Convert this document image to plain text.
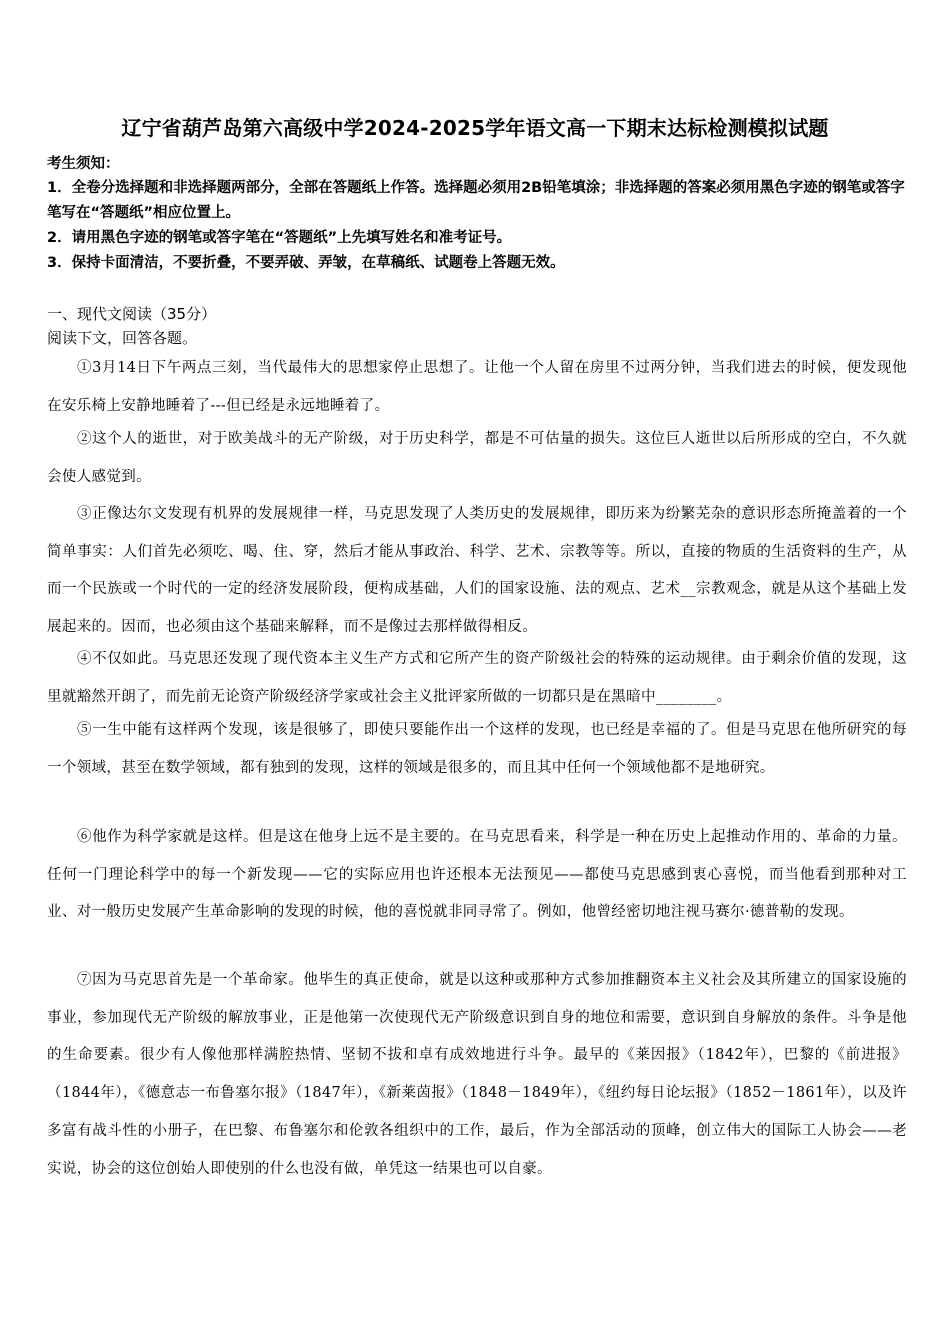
辽宁省葫芦岛第六高级中学2024-2025学年语文高一下期末达标检测模拟试题
考生须知：
1．全卷分选择题和非选择题两部分，全部在答题纸上作答。选择题必须用2B铅笔填涂；非选择题的答案必须用黑色字迹的钢笔或答字笔写在“答题纸”相应位置上。
2．请用黑色字迹的钢笔或答字笔在“答题纸”上先填写姓名和准考证号。
3．保持卡面清洁，不要折叠，不要弄破、弄皱，在草稿纸、试题卷上答题无效。
一、现代文阅读（35分）
阅读下文，回答各题。
①3月14日下午两点三刻，当代最伟大的思想家停止思想了。让他一个人留在房里不过两分钟，当我们进去的时候，便发现他在安乐椅上安静地睡着了---但已经是永远地睡着了。
②这个人的逝世，对于欧美战斗的无产阶级，对于历史科学，都是不可估量的损失。这位巨人逝世以后所形成的空白，不久就会使人感觉到。
③正像达尔文发现有机界的发展规律一样，马克思发现了人类历史的发展规律，即历来为纷繁芜杂的意识形态所掩盖着的一个简单事实：人们首先必须吃、喝、住、穿，然后才能从事政治、科学、艺术、宗教等等。所以，直接的物质的生活资料的生产，从而一个民族或一个时代的一定的经济发展阶段，便构成基础，人们的国家设施、法的观点、艺术__宗教观念，就是从这个基础上发展起来的。因而，也必须由这个基础来解释，而不是像过去那样做得相反。
④不仅如此。马克思还发现了现代资本主义生产方式和它所产生的资产阶级社会的特殊的运动规律。由于剩余价值的发现，这里就豁然开朗了，而先前无论资产阶级经济学家或社会主义批评家所做的一切都只是在黑暗中________。
⑤一生中能有这样两个发现，该是很够了，即使只要能作出一个这样的发现，也已经是幸福的了。但是马克思在他所研究的每一个领域，甚至在数学领域，都有独到的发现，这样的领域是很多的，而且其中任何一个领域他都不是地研究。
⑥他作为科学家就是这样。但是这在他身上远不是主要的。在马克思看来，科学是一种在历史上起推动作用的、革命的力量。任何一门理论科学中的每一个新发现——它的实际应用也许还根本无法预见——都使马克思感到衷心喜悦，而当他看到那种对工业、对一般历史发展产生革命影响的发现的时候，他的喜悦就非同寻常了。例如，他曾经密切地注视马赛尔·德普勒的发现。
⑦因为马克思首先是一个革命家。他毕生的真正使命，就是以这种或那种方式参加推翻资本主义社会及其所建立的国家设施的事业，参加现代无产阶级的解放事业，正是他第一次使现代无产阶级意识到自身的地位和需要，意识到自身解放的条件。斗争是他的生命要素。很少有人像他那样满腔热情、坚韧不拔和卓有成效地进行斗争。最早的《莱因报》（1842年），巴黎的《前进报》（1844年），《德意志一布鲁塞尔报》（1847年），《新莱茵报》（1848－1849年），《纽约每日论坛报》（1852－1861年），以及许多富有战斗性的小册子，在巴黎、布鲁塞尔和伦敦各组织中的工作，最后，作为全部活动的顶峰，创立伟大的国际工人协会——老实说，协会的这位创始人即使别的什么也没有做，单凭这一结果也可以自豪。
